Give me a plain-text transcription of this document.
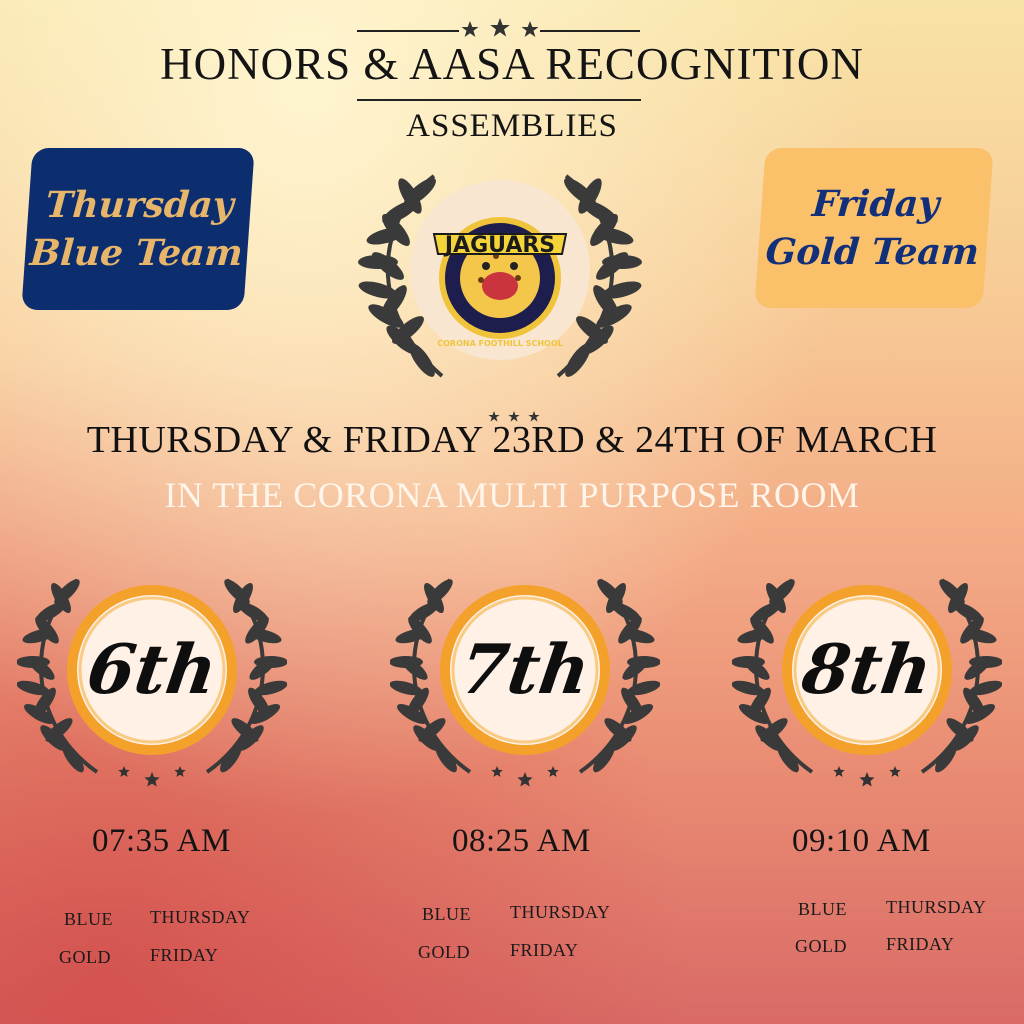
HONORS & AASA RECOGNITION
ASSEMBLIES
Thursday
Blue Team
Friday
Gold Team
JAGUARS
CORONA FOOTHILL SCHOOL
THURSDAY & FRIDAY 23RD & 24TH OF MARCH
IN THE CORONA MULTI PURPOSE ROOM
6th	7th	8th
07:35 AM	08:25 AM	09:10 AM
BLUE THURSDAY
GOLD FRIDAY
BLUE THURSDAY
GOLD FRIDAY
BLUE THURSDAY
GOLD FRIDAY
